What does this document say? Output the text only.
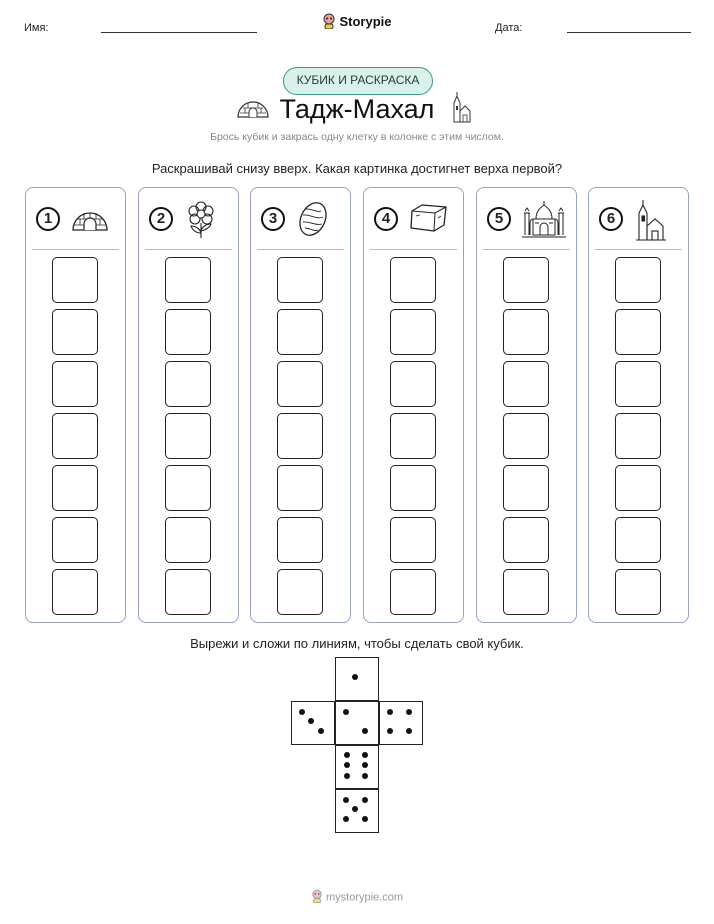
Имя:	Storypie	Дата:
КУБИК И РАСКРАСКА
Тадж-Махал
Брось кубик и закрась одну клетку в колонке с этим числом.
Раскрашивай снизу вверх. Какая картинка достигнет верха первой?
1	2	3	4	5	6
Вырежи и сложи по линиям, чтобы сделать свой кубик.
mystorypie.com
